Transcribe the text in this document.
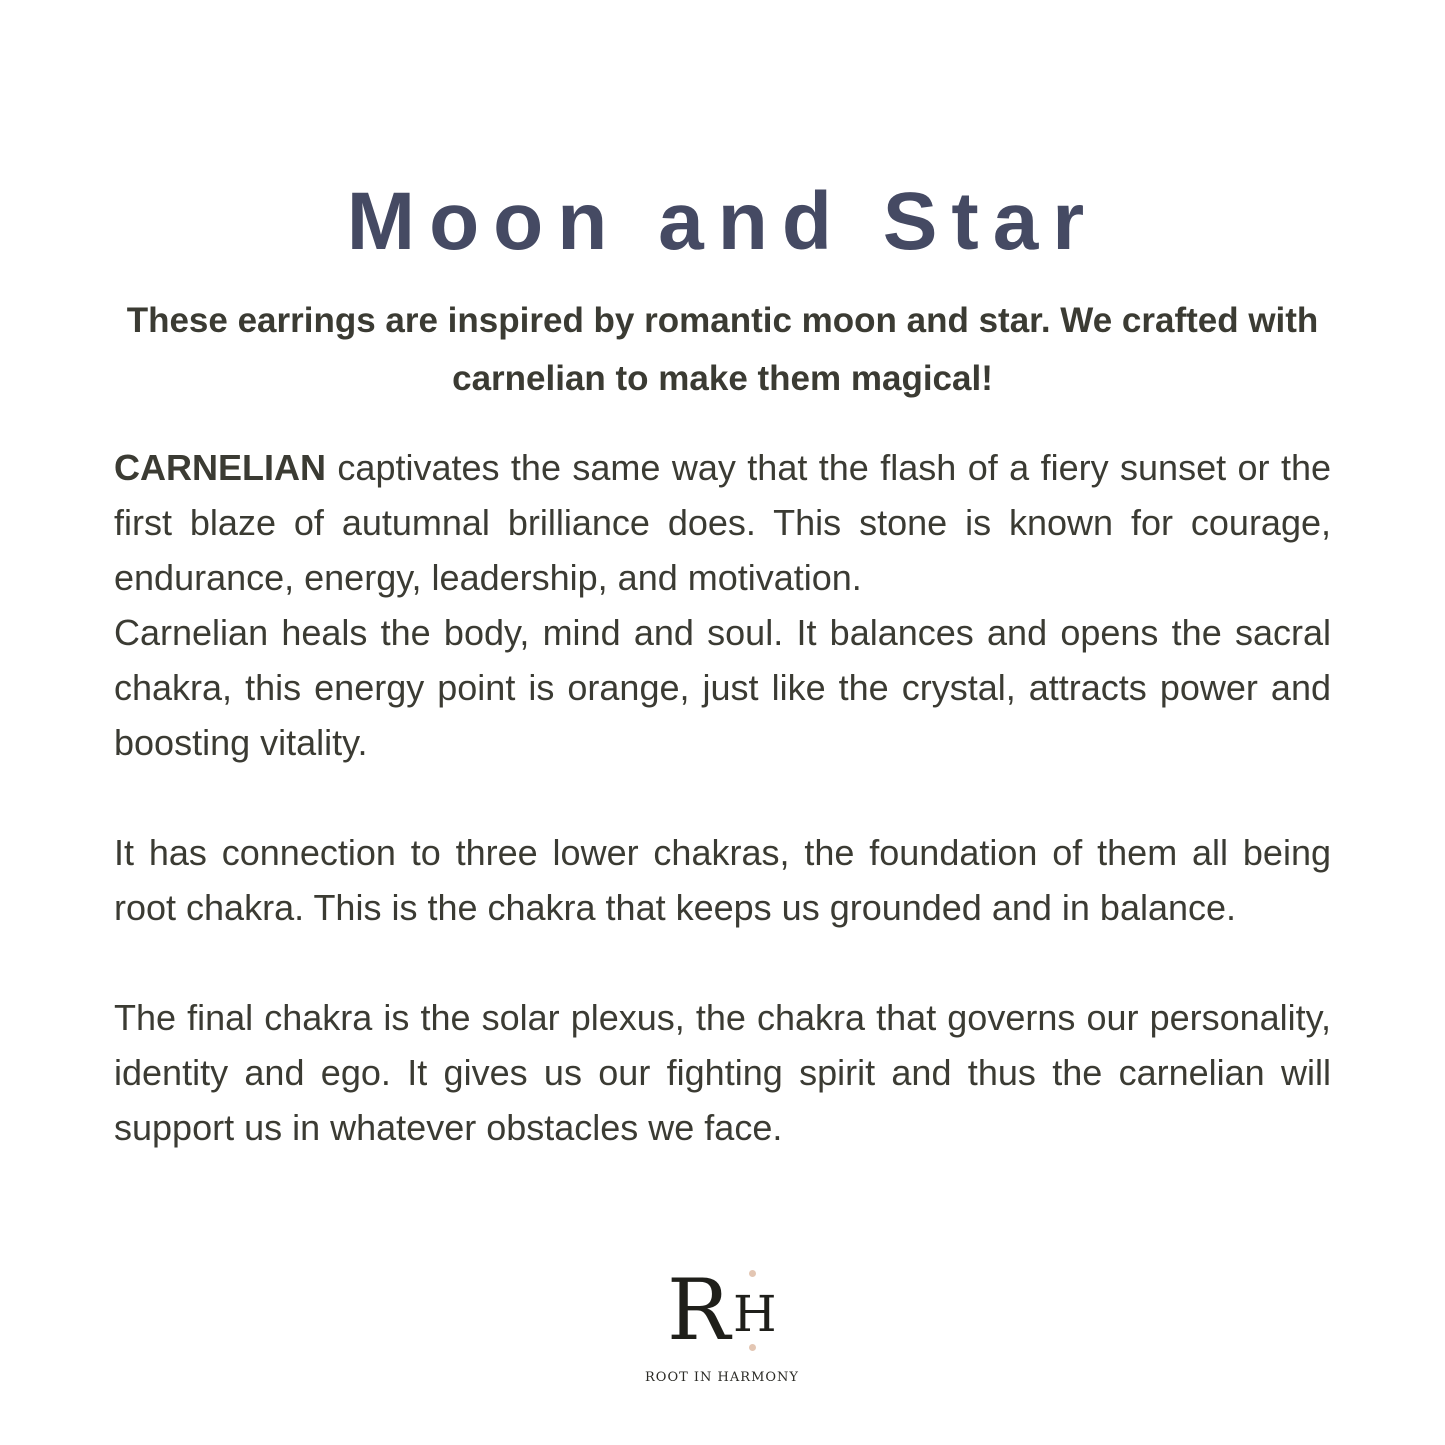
Moon and Star

These earrings are inspired by romantic moon and star. We crafted with carnelian to make them magical!

CARNELIAN captivates the same way that the flash of a fiery sunset or the first blaze of autumnal brilliance does. This stone is known for courage, endurance, energy, leadership, and motivation.

Carnelian heals the body, mind and soul. It balances and opens the sacral chakra, this energy point is orange, just like the crystal, attracts power and boosting vitality.

It has connection to three lower chakras, the foundation of them all being root chakra. This is the chakra that keeps us grounded and in balance.

The final chakra is the solar plexus, the chakra that governs our personality, identity and ego. It gives us our fighting spirit and thus the carnelian will support us in whatever obstacles we face.

R H
ROOT IN HARMONY
